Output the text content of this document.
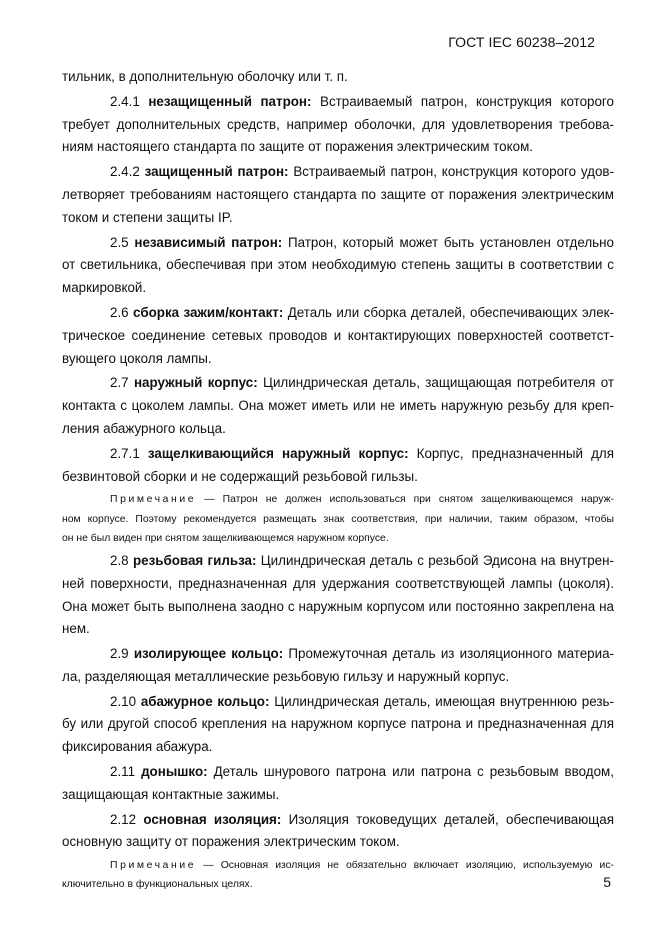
ГОСТ IEC 60238–2012
тильник, в дополнительную оболочку или т. п.
2.4.1 незащищенный патрон: Встраиваемый патрон, конструкция которого
требует дополнительных средств, например оболочки, для удовлетворения требова-
ниям настоящего стандарта по защите от поражения электрическим током.
2.4.2 защищенный патрон: Встраиваемый патрон, конструкция которого удов-
летворяет требованиям настоящего стандарта по защите от поражения электрическим
током и степени защиты IP.
2.5 независимый патрон: Патрон, который может быть установлен отдельно
от светильника, обеспечивая при этом необходимую степень защиты в соответствии с
маркировкой.
2.6 сборка зажим/контакт: Деталь или сборка деталей, обеспечивающих элек-
трическое соединение сетевых проводов и контактирующих поверхностей соответст-
вующего цоколя лампы.
2.7 наружный корпус: Цилиндрическая деталь, защищающая потребителя от
контакта с цоколем лампы. Она может иметь или не иметь наружную резьбу для креп-
ления абажурного кольца.
2.7.1 защелкивающийся наружный корпус: Корпус, предназначенный для
безвинтовой сборки и не содержащий резьбовой гильзы.
Примечание — Патрон не должен использоваться при снятом защелкивающемся наруж-
ном корпусе. Поэтому рекомендуется размещать знак соответствия, при наличии, таким образом, чтобы
он не был виден при снятом защелкивающемся наружном корпусе.
2.8 резьбовая гильза: Цилиндрическая деталь с резьбой Эдисона на внутрен-
ней поверхности, предназначенная для удержания соответствующей лампы (цоколя).
Она может быть выполнена заодно с наружным корпусом или постоянно закреплена на
нем.
2.9 изолирующее кольцо: Промежуточная деталь из изоляционного материа-
ла, разделяющая металлические резьбовую гильзу и наружный корпус.
2.10 абажурное кольцо: Цилиндрическая деталь, имеющая внутреннюю резь-
бу или другой способ крепления на наружном корпусе патрона и предназначенная для
фиксирования абажура.
2.11 донышко: Деталь шнурового патрона или патрона с резьбовым вводом,
защищающая контактные зажимы.
2.12 основная изоляция: Изоляция токоведущих деталей, обеспечивающая
основную защиту от поражения электрическим током.
Примечание — Основная изоляция не обязательно включает изоляцию, используемую ис-
ключительно в функциональных целях.	5
